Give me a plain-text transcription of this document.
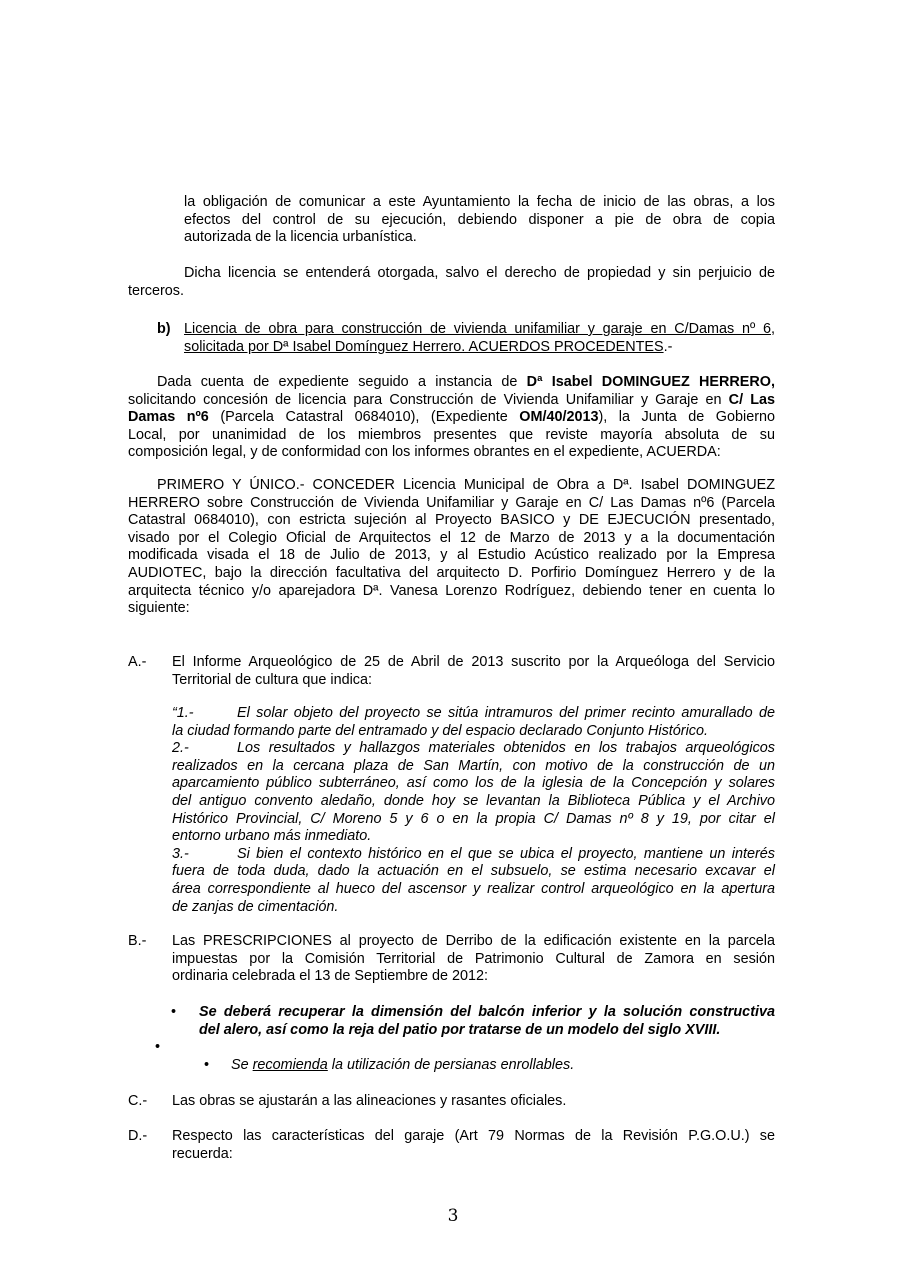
la obligación de comunicar a este Ayuntamiento la fecha de inicio de las obras, a los
efectos del control de su ejecución, debiendo disponer a pie de obra de copia
autorizada de la licencia urbanística.
Dicha licencia se entenderá otorgada, salvo el derecho de propiedad y sin perjuicio de
terceros.
b) Licencia de obra para construcción de vivienda unifamiliar y garaje en C/Damas nº 6,
solicitada por Dª Isabel Domínguez Herrero. ACUERDOS PROCEDENTES.-
Dada cuenta de expediente seguido a instancia de Dª Isabel DOMINGUEZ HERRERO,
solicitando concesión de licencia para Construcción de Vivienda Unifamiliar y Garaje en C/ Las
Damas nº6 (Parcela Catastral 0684010), (Expediente OM/40/2013), la Junta de Gobierno
Local, por unanimidad de los miembros presentes que reviste mayoría absoluta de su
composición legal, y de conformidad con los informes obrantes en el expediente, ACUERDA:
PRIMERO Y ÚNICO.- CONCEDER Licencia Municipal de Obra a Dª. Isabel DOMINGUEZ
HERRERO sobre Construcción de Vivienda Unifamiliar y Garaje en C/ Las Damas nº6 (Parcela
Catastral 0684010), con estricta sujeción al Proyecto BASICO y DE EJECUCIÓN presentado,
visado por el Colegio Oficial de Arquitectos el 12 de Marzo de 2013 y a la documentación
modificada visada el 18 de Julio de 2013, y al Estudio Acústico realizado por la Empresa
AUDIOTEC, bajo la dirección facultativa del arquitecto D. Porfirio Domínguez Herrero y de la
arquitecta técnico y/o aparejadora Dª. Vanesa Lorenzo Rodríguez, debiendo tener en cuenta lo
siguiente:
A.- El Informe Arqueológico de 25 de Abril de 2013 suscrito por la Arqueóloga del Servicio
Territorial de cultura que indica:
“1.-	El solar objeto del proyecto se sitúa intramuros del primer recinto amurallado de
la ciudad formando parte del entramado y del espacio declarado Conjunto Histórico.
2.-	Los resultados y hallazgos materiales obtenidos en los trabajos arqueológicos
realizados en la cercana plaza de San Martín, con motivo de la construcción de un
aparcamiento público subterráneo, así como los de la iglesia de la Concepción y solares
del antiguo convento aledaño, donde hoy se levantan la Biblioteca Pública y el Archivo
Histórico Provincial, C/ Moreno 5 y 6 o en la propia C/ Damas nº 8 y 19, por citar el
entorno urbano más inmediato.
3.-	Si bien el contexto histórico en el que se ubica el proyecto, mantiene un interés
fuera de toda duda, dado la actuación en el subsuelo, se estima necesario excavar el
área correspondiente al hueco del ascensor y realizar control arqueológico en la apertura
de zanjas de cimentación.
B.- Las PRESCRIPCIONES al proyecto de Derribo de la edificación existente en la parcela
impuestas por la Comisión Territorial de Patrimonio Cultural de Zamora en sesión
ordinaria celebrada el 13 de Septiembre de 2012:
• Se deberá recuperar la dimensión del balcón inferior y la solución constructiva
del alero, así como la reja del patio por tratarse de un modelo del siglo XVIII.
•
• Se recomienda la utilización de persianas enrollables.
C.- Las obras se ajustarán a las alineaciones y rasantes oficiales.
D.- Respecto las características del garaje (Art 79 Normas de la Revisión P.G.O.U.) se
recuerda:
3
